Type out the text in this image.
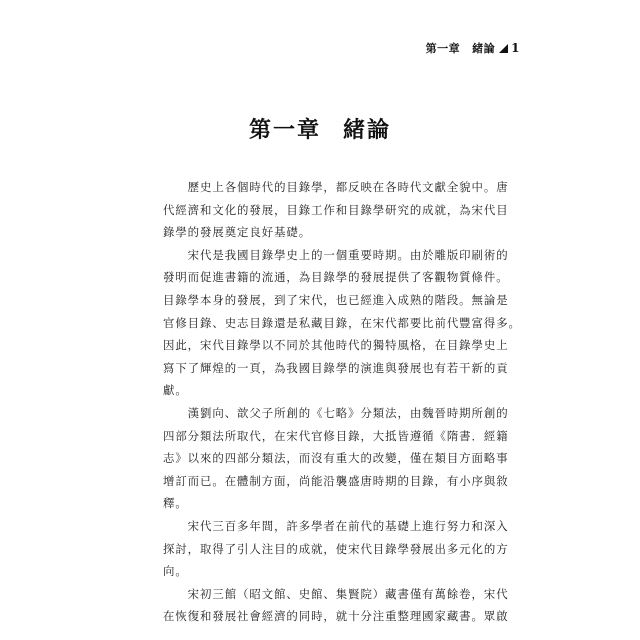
第一章 緒論 1
第一章 緒論
　　歷史上各個時代的目錄學，都反映在各時代文獻全貌中。唐
代經濟和文化的發展，目錄工作和目錄學研究的成就，為宋代目
錄學的發展奠定良好基礎。
　　宋代是我國目錄學史上的一個重要時期。由於雕版印刷術的
發明而促進書籍的流通，為目錄學的發展提供了客觀物質條件。
目錄學本身的發展，到了宋代，也已經進入成熟的階段。無論是
官修目錄、史志目錄還是私藏目錄，在宋代都要比前代豐富得多。
因此，宋代目錄學以不同於其他時代的獨特風格，在目錄學史上
寫下了輝煌的一頁，為我國目錄學的演進與發展也有若干新的貢
獻。
　　漢劉向、歆父子所創的《七略》分類法，由魏晉時期所創的
四部分類法所取代，在宋代官修目錄，大抵皆遵循《隋書．經籍
志》以來的四部分類法，而沒有重大的改變，僅在類目方面略事
增訂而已。在體制方面，尚能沿襲盛唐時期的目錄，有小序與敘
釋。
　　宋代三百多年間，許多學者在前代的基礎上進行努力和深入
探討，取得了引人注目的成就，使宋代目錄學發展出多元化的方
向。
　　宋初三館（昭文館、史館、集賢院）藏書僅有萬餘卷，宋代
在恢復和發展社會經濟的同時，就十分注重整理國家藏書。眾啟
